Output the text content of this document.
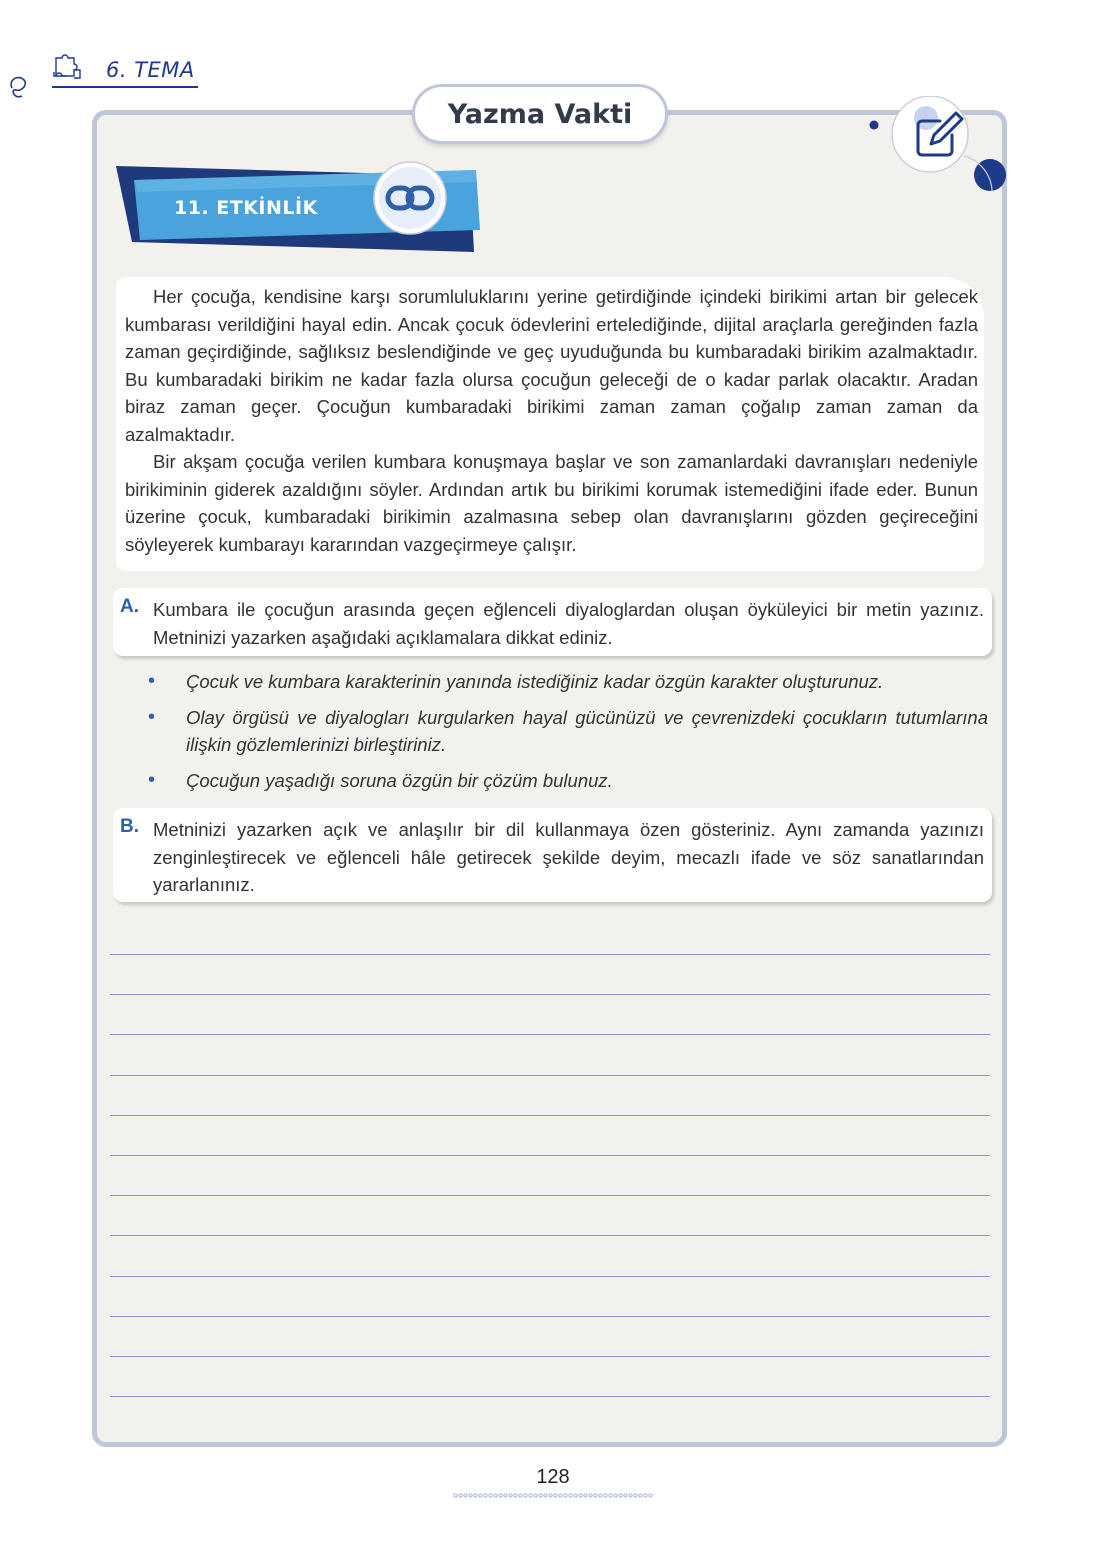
6. TEMA
Yazma Vakti
11. ETKİNLİK

Her çocuğa, kendisine karşı sorumluluklarını yerine getirdiğinde içindeki birikimi artan bir gelecek kumbarası verildiğini hayal edin. Ancak çocuk ödevlerini ertelediğinde, dijital araçlarla gereğinden fazla zaman geçirdiğinde, sağlıksız beslendiğinde ve geç uyuduğunda bu kumbaradaki birikim azalmaktadır. Bu kumbaradaki birikim ne kadar fazla olursa çocuğun geleceği de o kadar parlak olacaktır. Aradan biraz zaman geçer. Çocuğun kumbaradaki birikimi zaman zaman çoğalıp zaman zaman da azalmaktadır.

Bir akşam çocuğa verilen kumbara konuşmaya başlar ve son zamanlardaki davranışları nedeniyle birikiminin giderek azaldığını söyler. Ardından artık bu birikimi korumak istemediğini ifade eder. Bunun üzerine çocuk, kumbaradaki birikimin azalmasına sebep olan davranışlarını gözden geçireceğini söyleyerek kumbarayı kararından vazgeçirmeye çalışır.

A. Kumbara ile çocuğun arasında geçen eğlenceli diyaloglardan oluşan öyküleyici bir metin yazınız. Metninizi yazarken aşağıdaki açıklamalara dikkat ediniz.
• Çocuk ve kumbara karakterinin yanında istediğiniz kadar özgün karakter oluşturunuz.
• Olay örgüsü ve diyalogları kurgularken hayal gücünüzü ve çevrenizdeki çocukların tutumlarına ilişkin gözlemlerinizi birleştiriniz.
• Çocuğun yaşadığı soruna özgün bir çözüm bulunuz.
B. Metninizi yazarken açık ve anlaşılır bir dil kullanmaya özen gösteriniz. Aynı zamanda yazınızı zenginleştirecek ve eğlenceli hâle getirecek şekilde deyim, mecazlı ifade ve söz sanatlarından yararlanınız.
128
